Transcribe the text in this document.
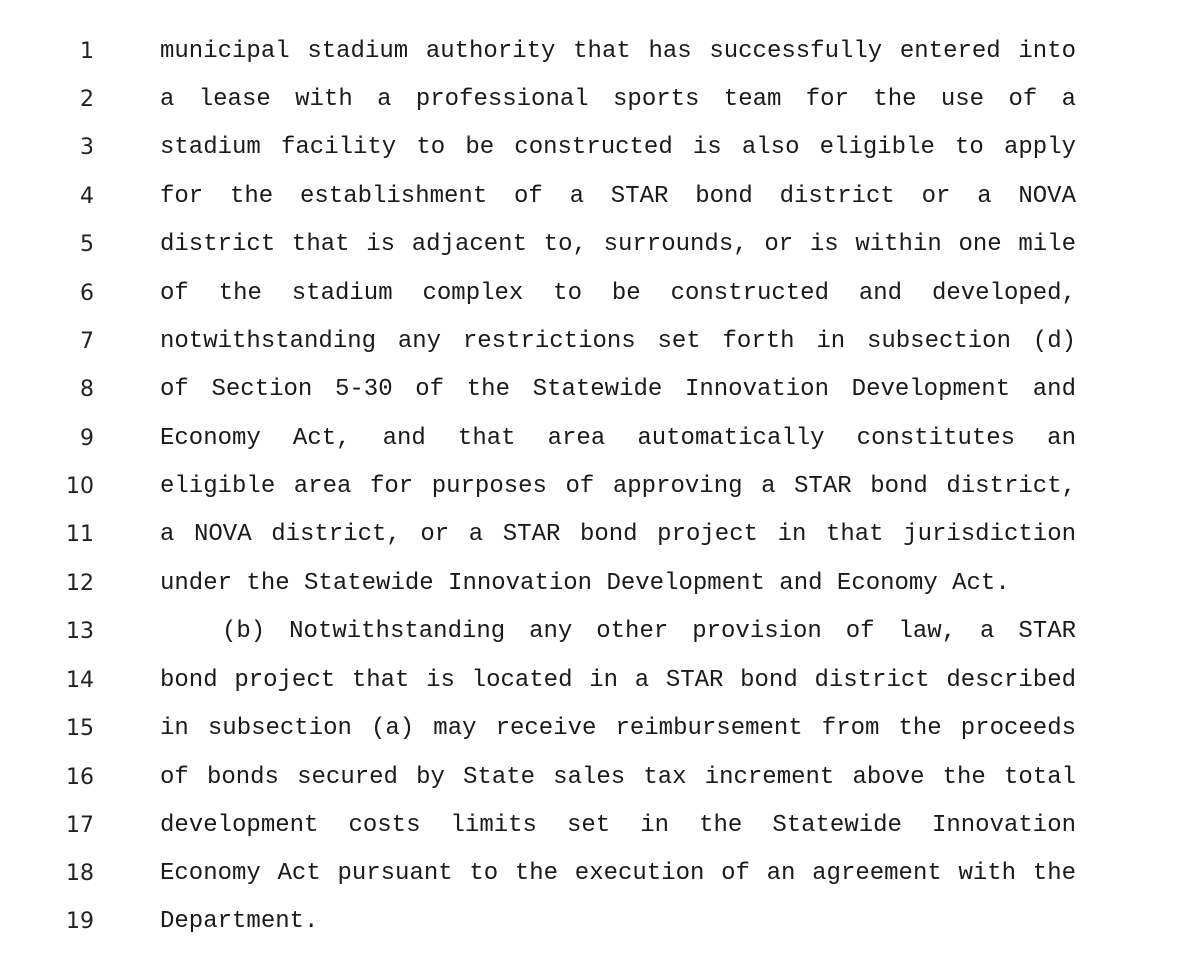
1	municipal stadium authority that has successfully entered into
2	a lease with a professional sports team for the use of a
3	stadium facility to be constructed is also eligible to apply
4	for the establishment of a STAR bond district or a NOVA
5	district that is adjacent to, surrounds, or is within one mile
6	of the stadium complex to be constructed and developed,
7	notwithstanding any restrictions set forth in subsection (d)
8	of Section 5-30 of the Statewide Innovation Development and
9	Economy Act, and that area automatically constitutes an
10	eligible area for purposes of approving a STAR bond district,
11	a NOVA district, or a STAR bond project in that jurisdiction
12	under the Statewide Innovation Development and Economy Act.
13	(b) Notwithstanding any other provision of law, a STAR
14	bond project that is located in a STAR bond district described
15	in subsection (a) may receive reimbursement from the proceeds
16	of bonds secured by State sales tax increment above the total
17	development costs limits set in the Statewide Innovation
18	Economy Act pursuant to the execution of an agreement with the
19	Department.
